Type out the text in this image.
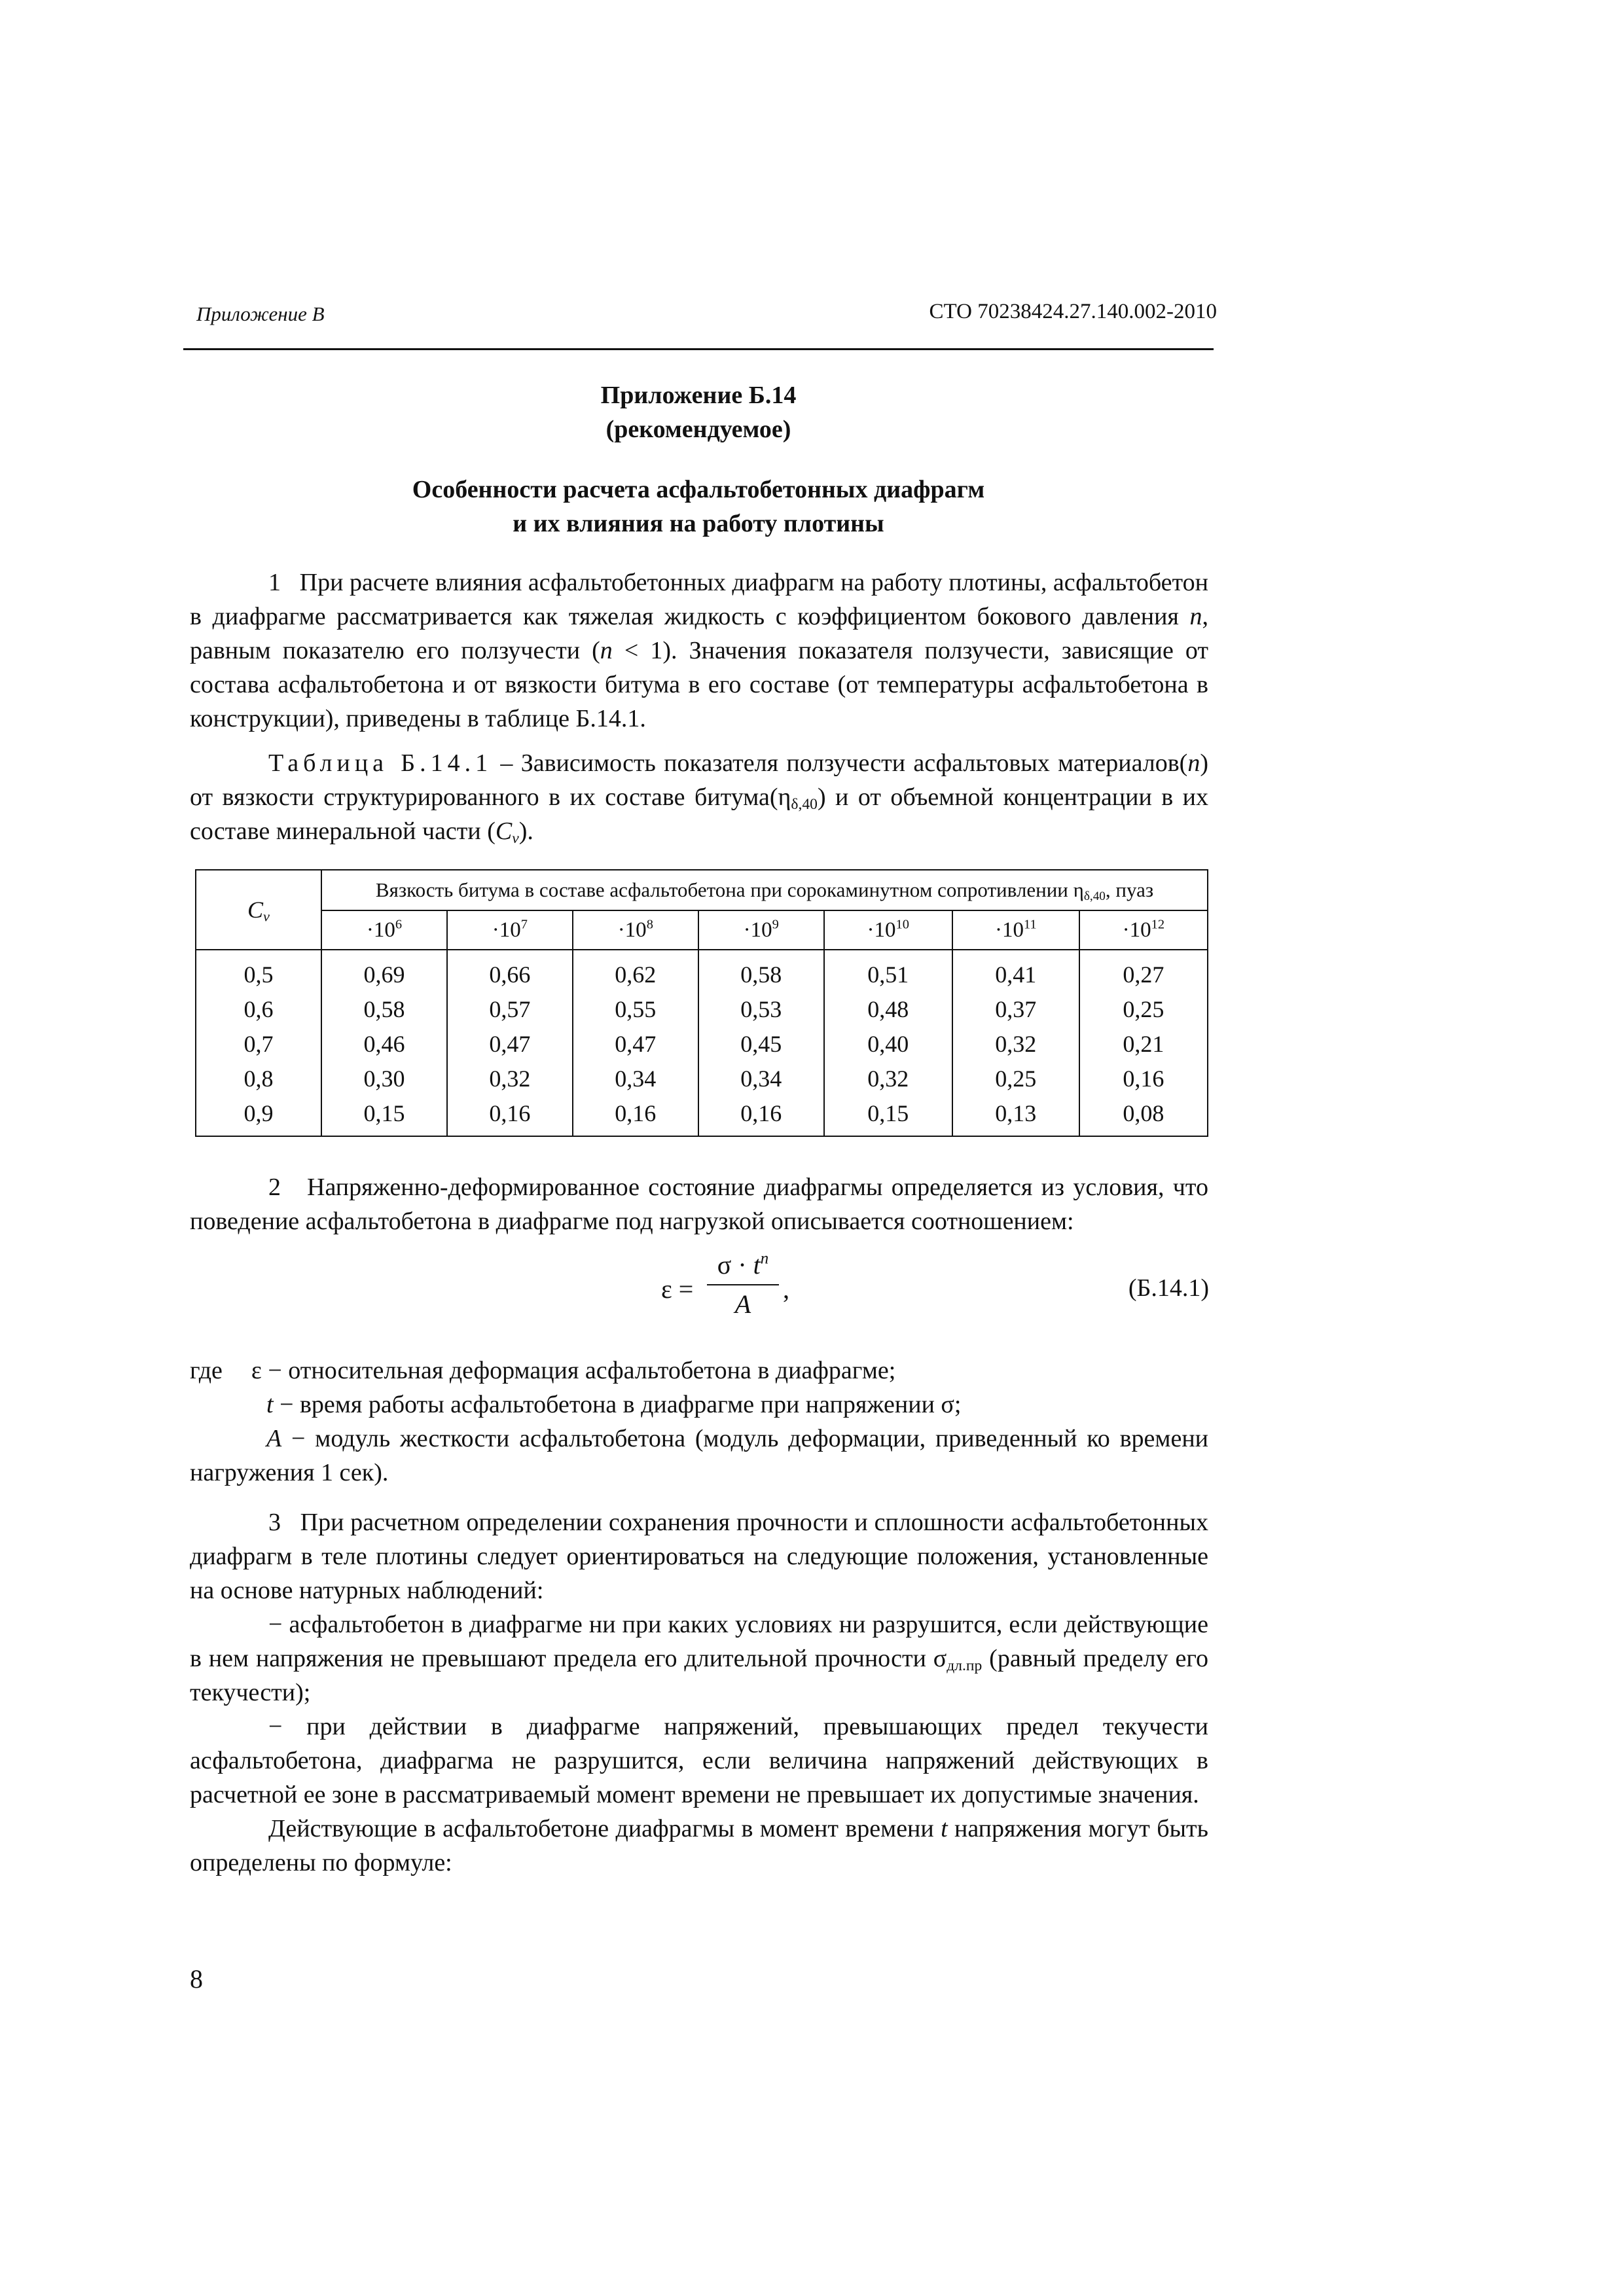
Приложение В	СТО 70238424.27.140.002-2010
Приложение Б.14
(рекомендуемое)
Особенности расчета асфальтобетонных диафрагм
и их влияния на работу плотины
1 При расчете влияния асфальтобетонных диафрагм на работу плотины, асфальтобетон в диафрагме рассматривается как тяжелая жидкость с коэффициентом бокового давления n, равным показателю его ползучести (n < 1). Значения показателя ползучести, зависящие от состава асфальтобетона и от вязкости битума в его составе (от температуры асфальтобетона в конструкции), приведены в таблице Б.14.1.
Таблица Б.14.1 – Зависимость показателя ползучести асфальтовых материалов(n) от вязкости структурированного в их составе $битума(\eta_{\delta,40})$ и от объемной концентрации в их составе минеральной части $(C_v)$.
$C_v$	Вязкость битума в составе асфальтобетона при сорокаминутном сопротивлении $\eta_{\delta,40}$, пуаз						
	$\cdot 10^6$	$\cdot 10^7$	$\cdot 10^8$	$\cdot 10^9$	$\cdot 10^{10}$	$\cdot 10^{11}$	$\cdot 10^{12}$
0,5	0,69	0,66	0,62	0,58	0,51	0,41	0,27
0,6	0,58	0,57	0,55	0,53	0,48	0,37	0,25
0,7	0,46	0,47	0,47	0,45	0,40	0,32	0,21
0,8	0,30	0,32	0,34	0,34	0,32	0,25	0,16
0,9	0,15	0,16	0,16	0,16	0,15	0,13	0,08
2 Напряженно-деформированное состояние диафрагмы определяется из условия, что поведение асфальтобетона в диафрагме под нагрузкой описывается соотношением:
ε =
$\sigma \cdot t^n$
A
,	(Б.14.1)
где ε − относительная деформация асфальтобетона в диафрагме;
t − время работы асфальтобетона в диафрагме при напряжении σ;
A − модуль жесткости асфальтобетона (модуль деформации, приведенный ко времени нагружения 1 сек).
3 При расчетном определении сохранения прочности и сплошности асфальтобетонных диафрагм в теле плотины следует ориентироваться на следующие положения, установленные на основе натурных наблюдений:
− асфальтобетон в диафрагме ни при каких условиях ни разрушится, если действующие в нем напряжения не превышают предела его длительной прочности $\sigma_{дл.пр}$ (равный пределу его текучести);
− при действии в диафрагме напряжений, превышающих предел текучести асфальтобетона, диафрагма не разрушится, если величина напряжений действующих в расчетной ее зоне в рассматриваемый момент времени не превышает их допустимые значения.
Действующие в асфальтобетоне диафрагмы в момент времени t напряжения могут быть определены по формуле:
8
